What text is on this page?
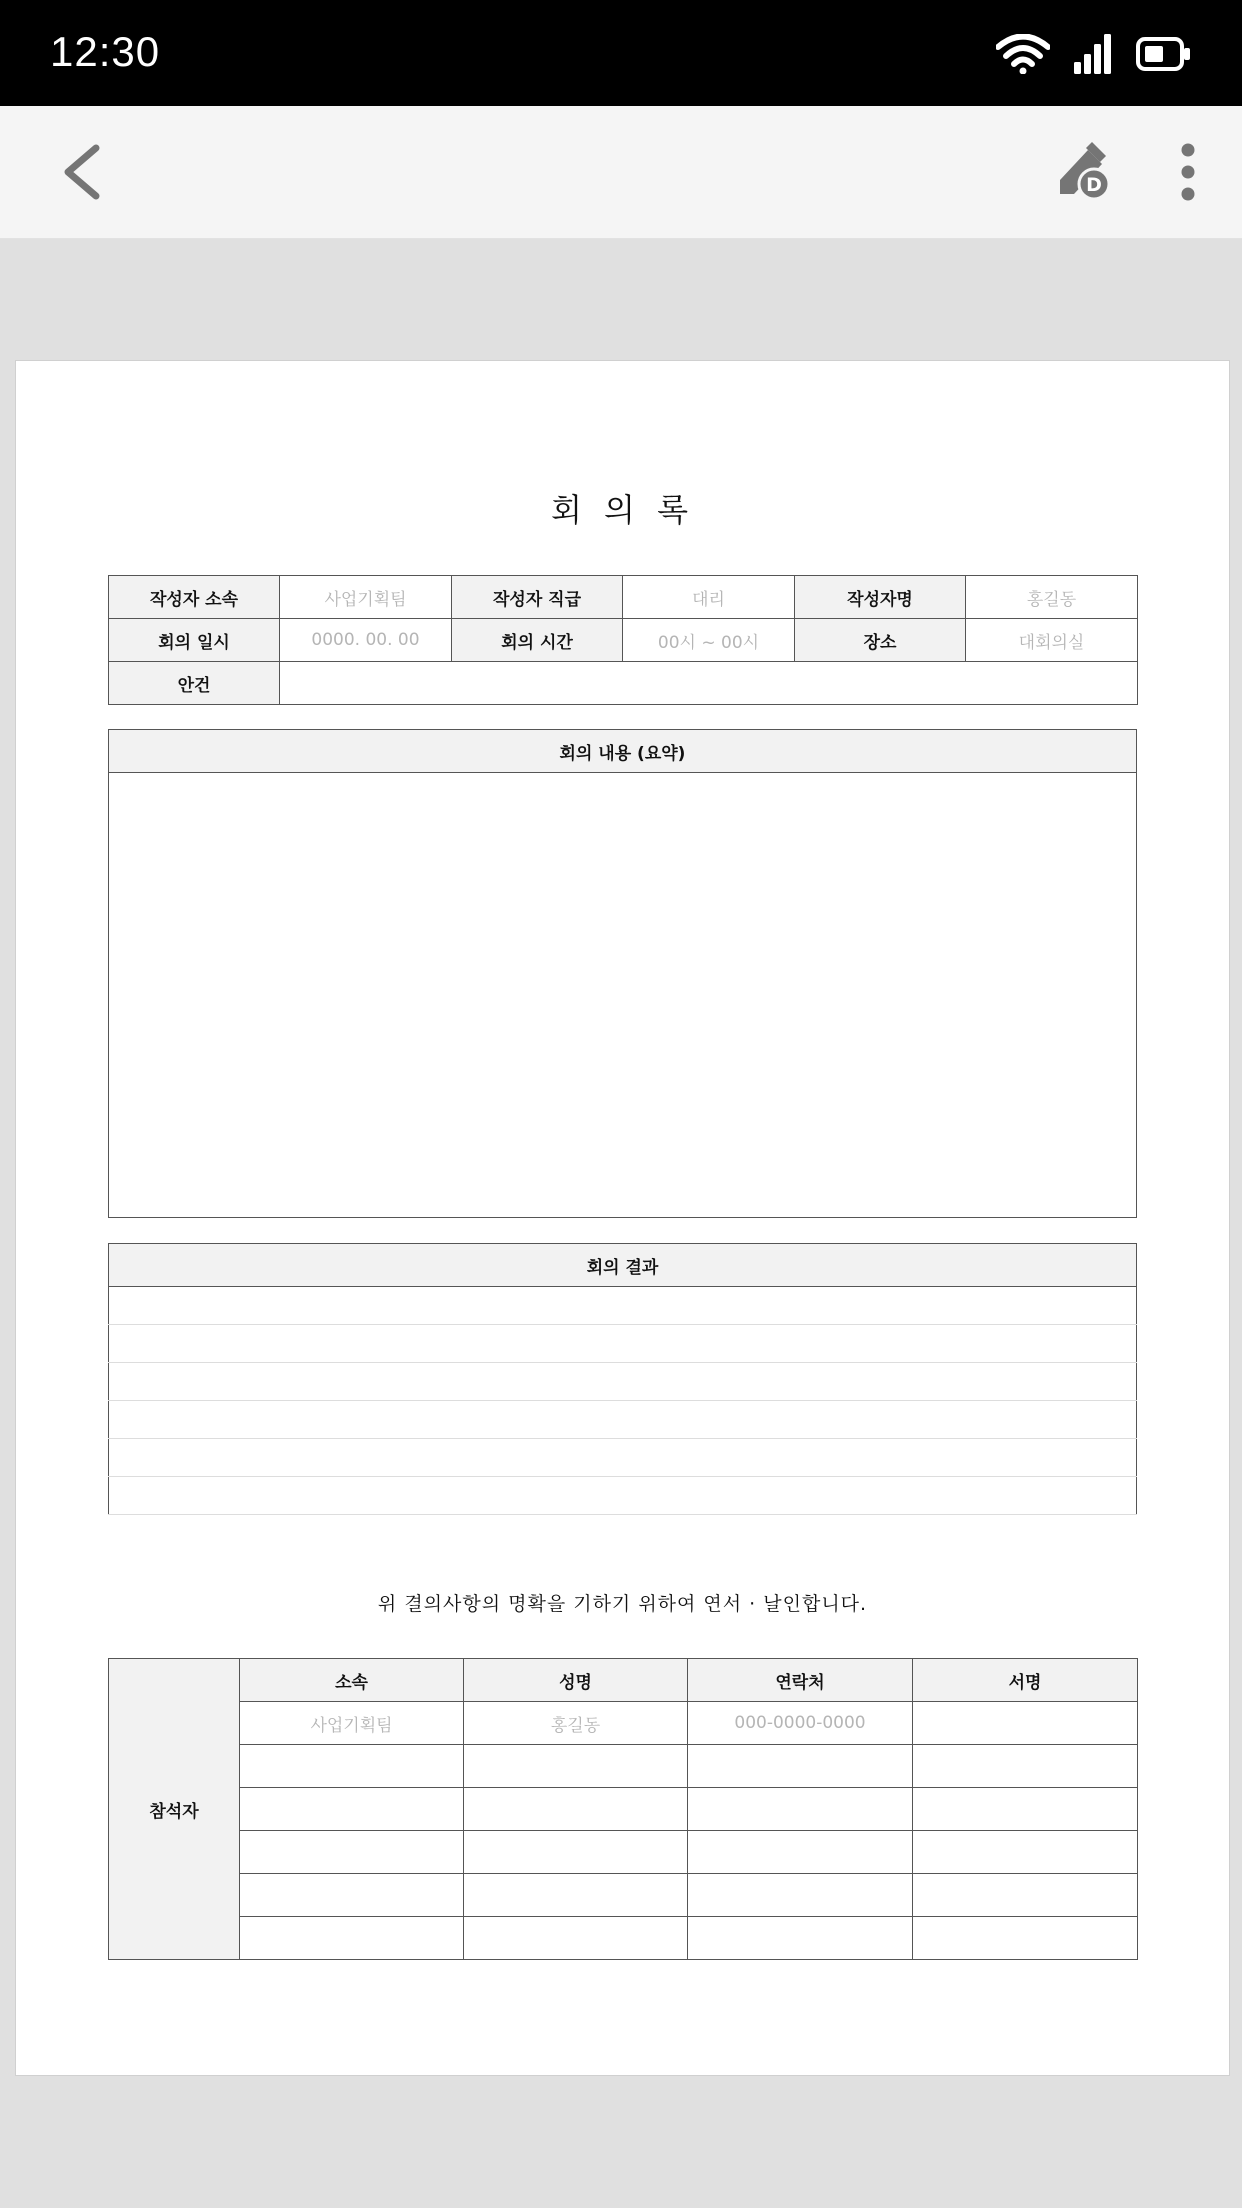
12:30
D
회 의 록
작성자 소속	사업기획팀	작성자 직급	대리	작성자명	홍길동
회의 일시	0000. 00. 00	회의 시간	00시 ~ 00시	장소	대회의실
안건					
회의 내용 (요약)

회의 결과

위 결의사항의 명확을 기하기 위하여 연서 · 날인합니다.
참석자	소속	성명	연락처	서명
	사업기획팀	홍길동	000-0000-0000	
